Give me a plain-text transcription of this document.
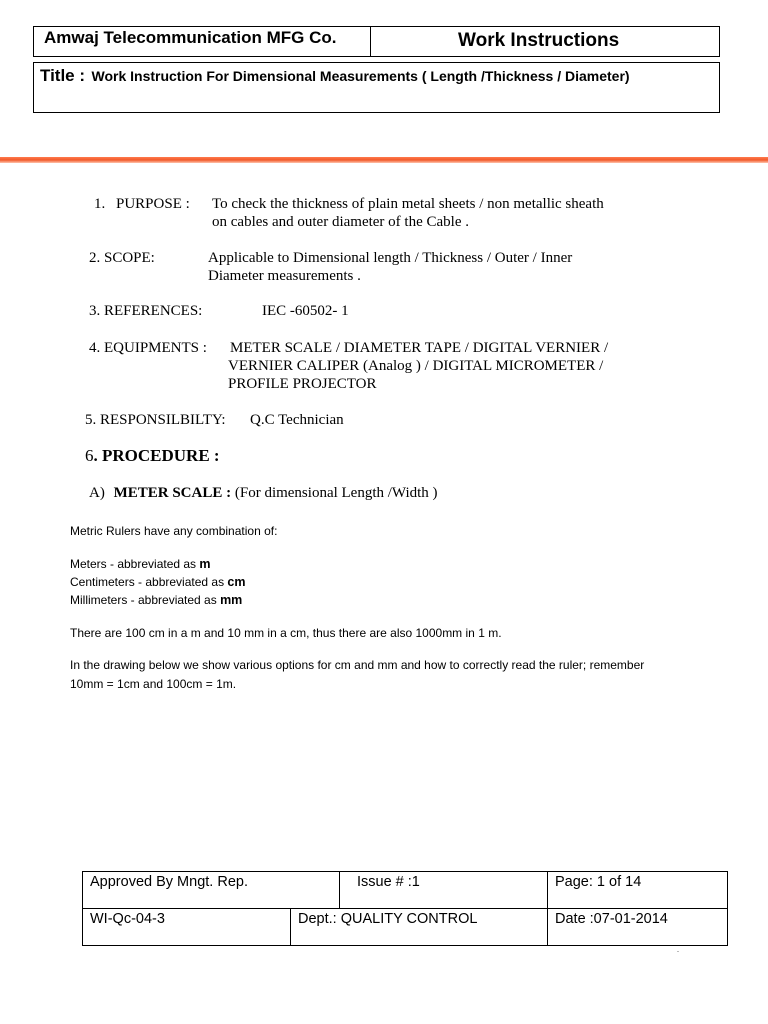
Amwaj Telecommunication MFG Co.	Work Instructions
Title : Work Instruction For Dimensional Measurements ( Length /Thickness / Diameter)
1. PURPOSE : To check the thickness of plain metal sheets / non metallic sheath
on cables and outer diameter of the Cable .
2. SCOPE:	Applicable to Dimensional length / Thickness / Outer / Inner
Diameter measurements .
3. REFERENCES:	IEC -60502- 1
4. EQUIPMENTS : METER SCALE / DIAMETER TAPE / DIGITAL VERNIER /
VERNIER CALIPER (Analog ) / DIGITAL MICROMETER /
PROFILE PROJECTOR
5. RESPONSILBILTY: Q.C Technician
6. PROCEDURE :
A) METER SCALE : (For dimensional Length /Width )
Metric Rulers have any combination of:
Meters - abbreviated as m
Centimeters - abbreviated as cm
Millimeters - abbreviated as mm
There are 100 cm in a m and 10 mm in a cm, thus there are also 1000mm in 1 m.
In the drawing below we show various options for cm and mm and how to correctly read the ruler; remember
10mm = 1cm and 100cm = 1m.
Approved By Mngt. Rep.		Issue # :1	Page: 1 of 14
WI-Qc-04-3	Dept.: QUALITY CONTROL		Date :07-01-2014
